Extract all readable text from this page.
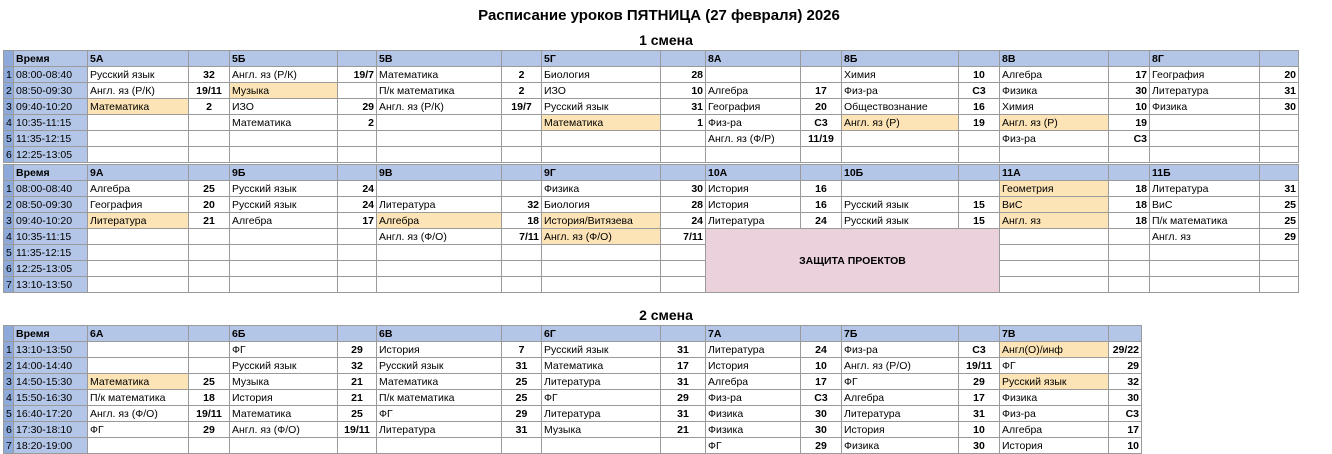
Расписание уроков ПЯТНИЦА (27 февраля) 2026
1 смена
2 смена
	Время	5А		5Б		5В		5Г		8А		8Б		8В		8Г	
1	08:00-08:40	Русский язык	32	Англ. яз (Р/К)	19/7	Математика	2	Биология	28			Химия	10	Алгебра	17	География	20
2	08:50-09:30	Англ. яз (Р/К)	19/11	Музыка		П/к математика	2	ИЗО	10	Алгебра	17	Физ-ра	С3	Физика	30	Литература	31
3	09:40-10:20	Математика	2	ИЗО	29	Англ. яз (Р/К)	19/7	Русский язык	31	География	20	Обществознание	16	Химия	10	Физика	30
4	10:35-11:15			Математика	2			Математика	1	Физ-ра	С3	Англ. яз (Р)	19	Англ. яз (Р)	19		
5	11:35-12:15									Англ. яз (Ф/Р)	11/19			Физ-ра	С3		
6	12:25-13:05																
	Время	9А		9Б		9В		9Г		10А		10Б		11А		11Б	
1	08:00-08:40	Алгебра	25	Русский язык	24			Физика	30	История	16			Геометрия	18	Литература	31
2	08:50-09:30	География	20	Русский язык	24	Литература	32	Биология	28	История	16	Русский язык	15	ВиС	18	ВиС	25
3	09:40-10:20	Литература	21	Алгебра	17	Алгебра	18	История/Витязева	24	Литература	24	Русский язык	15	Англ. яз	18	П/к математика	25
4	10:35-11:15					Англ. яз (Ф/О)	7/11	Англ. яз (Ф/О)	7/11	ЗАЩИТА ПРОЕКТОВ						Англ. яз	29
5	11:35-12:15																
6	12:25-13:05																
7	13:10-13:50																
	Время	6А		6Б		6В		6Г		7А		7Б		7В	
1	13:10-13:50			ФГ	29	История	7	Русский язык	31	Литература	24	Физ-ра	С3	Англ(О)/инф	29/22
2	14:00-14:40			Русский язык	32	Русский язык	31	Математика	17	История	10	Англ. яз (Р/О)	19/11	ФГ	29
3	14:50-15:30	Математика	25	Музыка	21	Математика	25	Литература	31	Алгебра	17	ФГ	29	Русский язык	32
4	15:50-16:30	П/к математика	18	История	21	П/к математика	25	ФГ	29	Физ-ра	С3	Алгебра	17	Физика	30
5	16:40-17:20	Англ. яз (Ф/О)	19/11	Математика	25	ФГ	29	Литература	31	Физика	30	Литература	31	Физ-ра	С3
6	17:30-18:10	ФГ	29	Англ. яз (Ф/О)	19/11	Литература	31	Музыка	21	Физика	30	История	10	Алгебра	17
7	18:20-19:00									ФГ	29	Физика	30	История	10
